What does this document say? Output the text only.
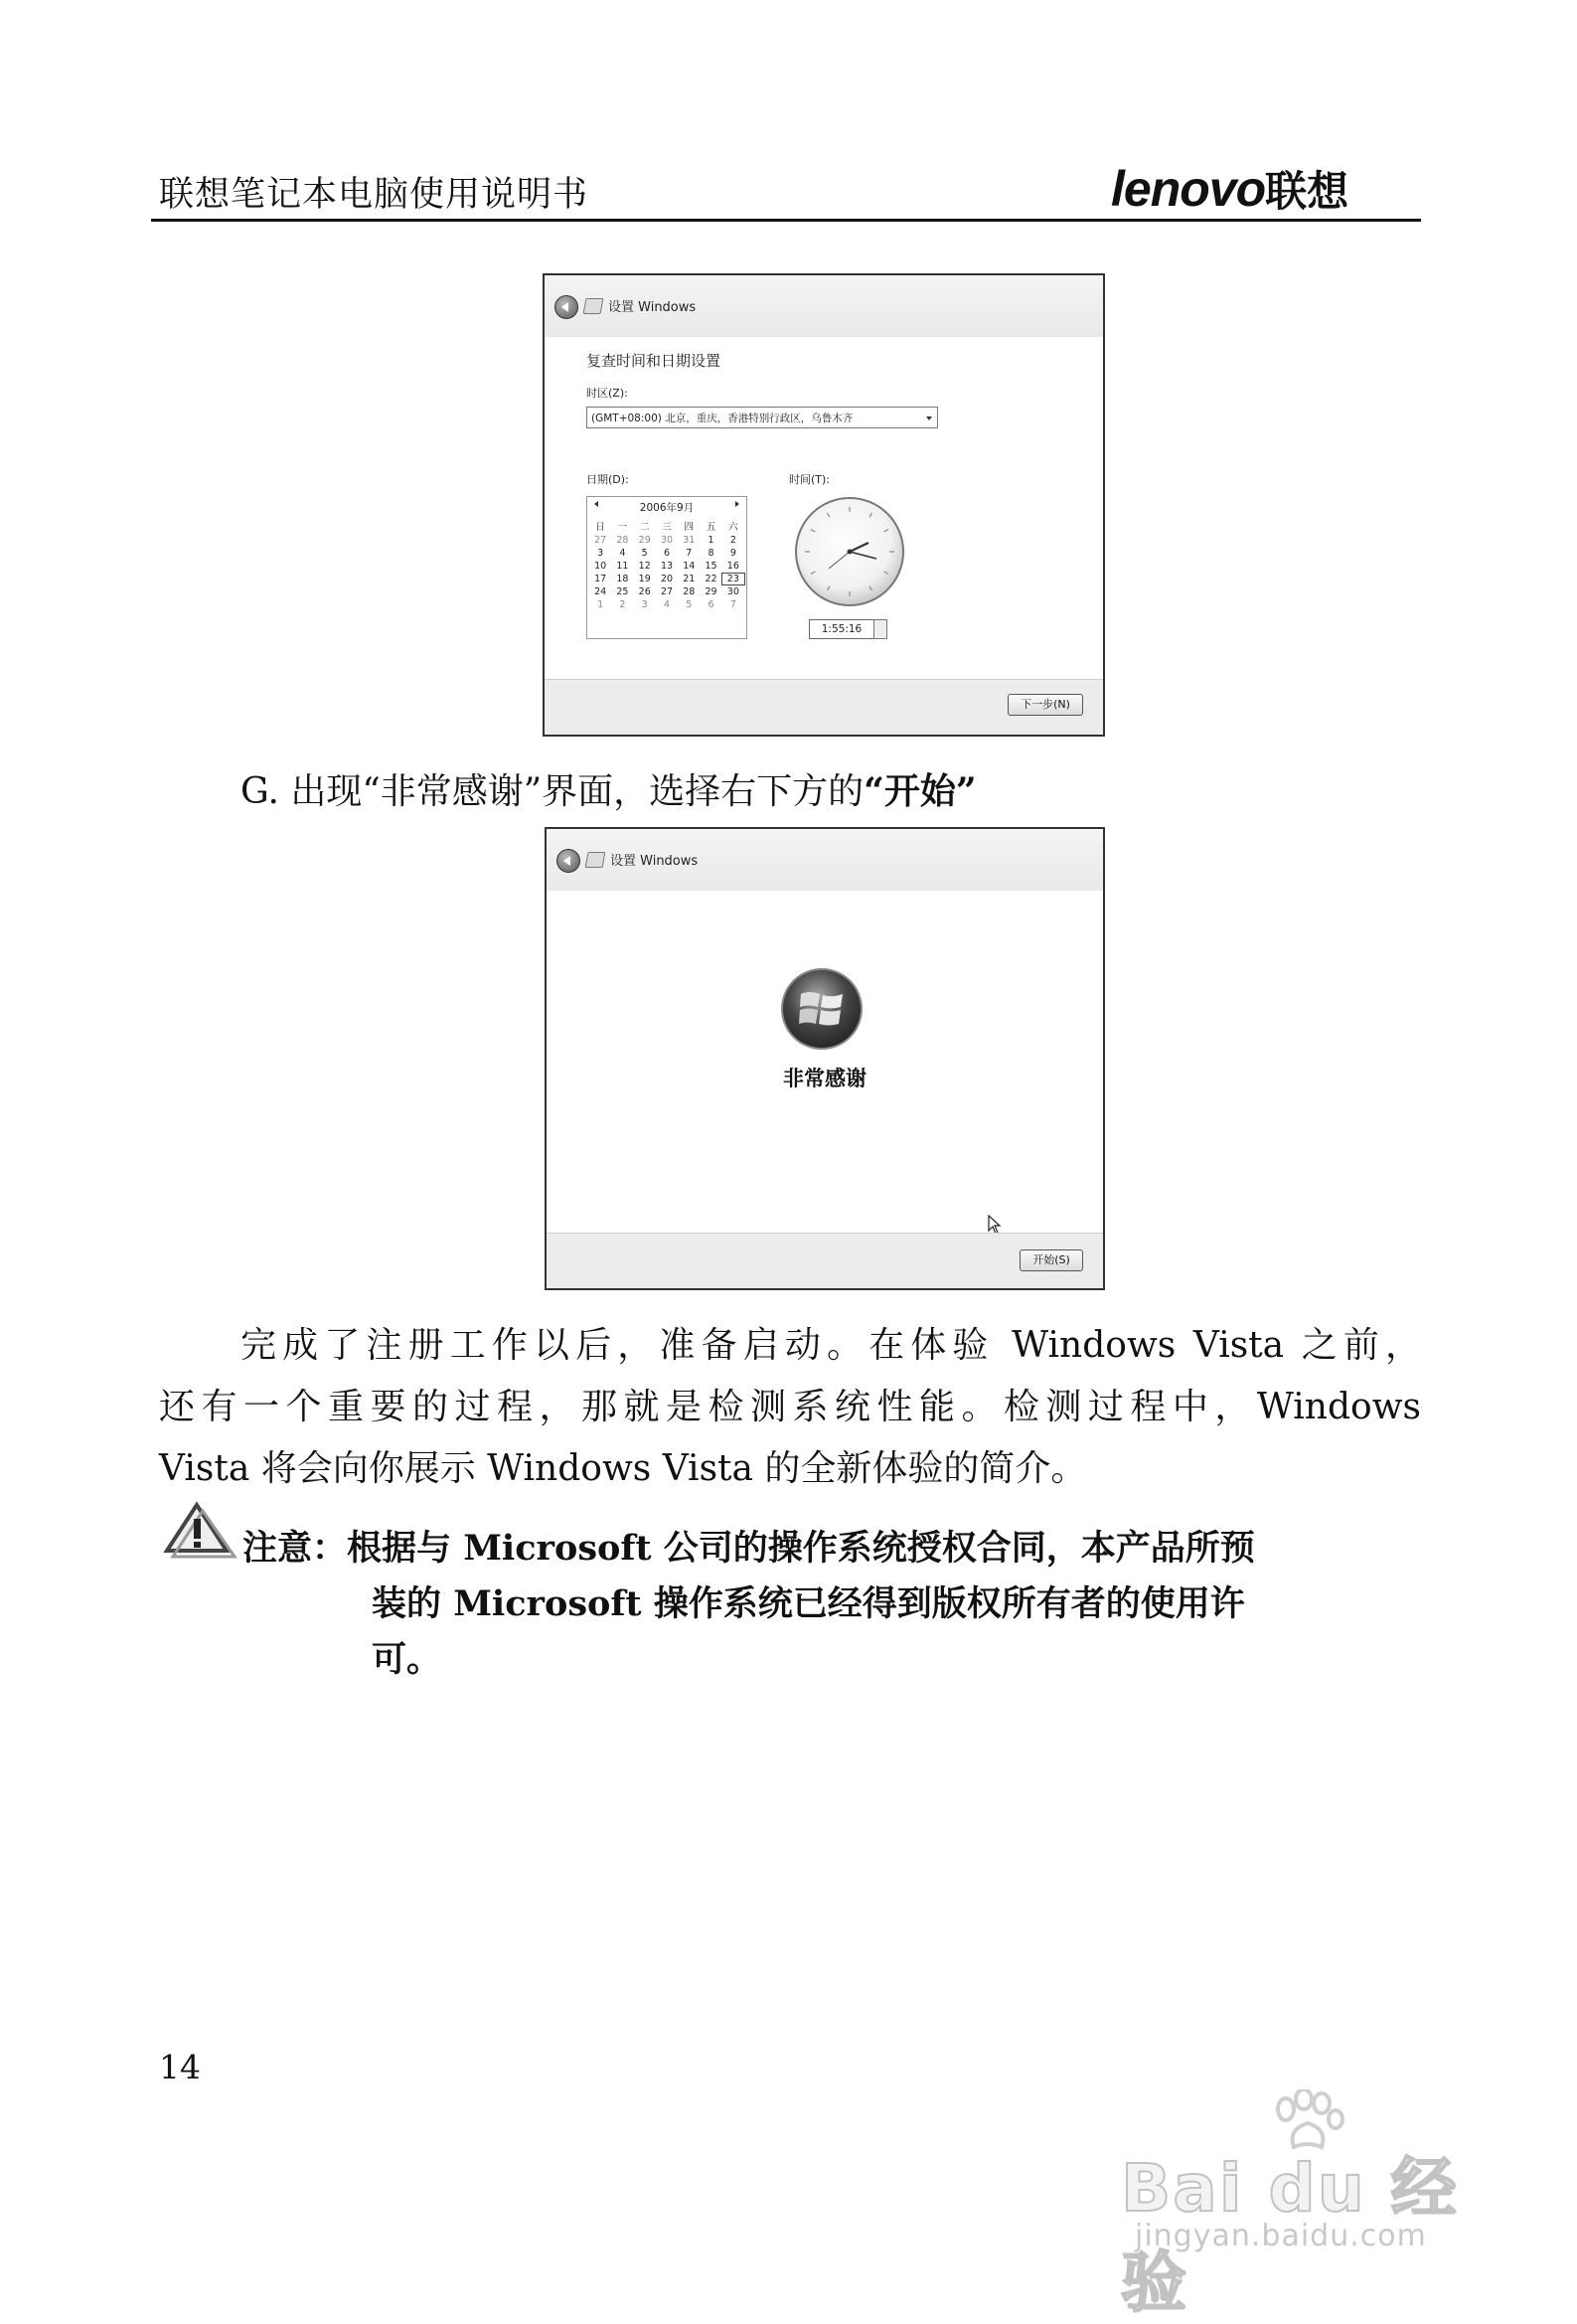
联想笔记本电脑使用说明书	lenovo联想
设置 Windows
复查时间和日期设置
时区(Z):
(GMT+08:00) 北京，重庆，香港特别行政区，乌鲁木齐
日期(D):	时间(T):
2006年9月
日	一	二	三	四	五	六
27	28	29	30	31	1	2
3	4	5	6	7	8	9
10	11	12	13	14	15	16
17	18	19	20	21	22	23
24	25	26	27	28	29	30
1	2	3	4	5	6	7
1:55:16
下一步(N)
G. 出现“非常感谢”界面，选择右下方的“开始”
设置 Windows
非常感谢
开始(S)
完成了注册工作以后，准备启动。在体验 Windows Vista 之前，
还有一个重要的过程，那就是检测系统性能。检测过程中，Windows
Vista 将会向你展示 Windows Vista 的全新体验的简介。
注意：根据与 Microsoft 公司的操作系统授权合同，本产品所预
装的 Microsoft 操作系统已经得到版权所有者的使用许
可。
14
Bai du 经验
jingyan.baidu.com
